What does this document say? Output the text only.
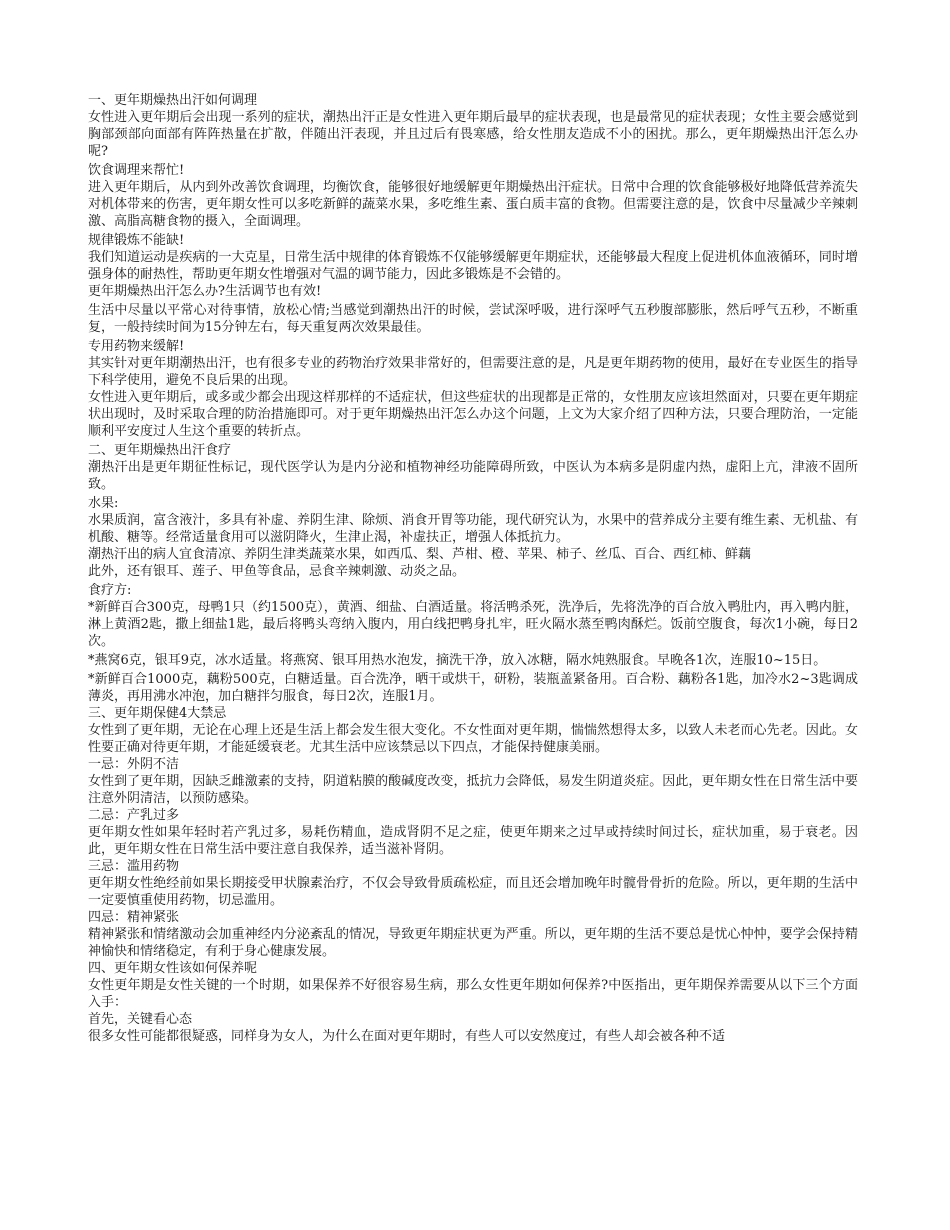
一、更年期燥热出汗如何调理

女性进入更年期后会出现一系列的症状，潮热出汗正是女性进入更年期后最早的症状表现，也是最常见的症状表现；女性主要会感觉到胸部颈部向面部有阵阵热量在扩散，伴随出汗表现，并且过后有畏寒感，给女性朋友造成不小的困扰。那么，更年期燥热出汗怎么办呢?

饮食调理来帮忙!

进入更年期后，从内到外改善饮食调理，均衡饮食，能够很好地缓解更年期燥热出汗症状。日常中合理的饮食能够极好地降低营养流失对机体带来的伤害，更年期女性可以多吃新鲜的蔬菜水果，多吃维生素、蛋白质丰富的食物。但需要注意的是，饮食中尽量减少辛辣刺激、高脂高糖食物的摄入，全面调理。

规律锻炼不能缺!

我们知道运动是疾病的一大克星，日常生活中规律的体育锻炼不仅能够缓解更年期症状，还能够最大程度上促进机体血液循环，同时增强身体的耐热性，帮助更年期女性增强对气温的调节能力，因此多锻炼是不会错的。

更年期燥热出汗怎么办?生活调节也有效!

生活中尽量以平常心对待事情，放松心情;当感觉到潮热出汗的时候，尝试深呼吸，进行深呼气五秒腹部膨胀，然后呼气五秒，不断重复，一般持续时间为15分钟左右，每天重复两次效果最佳。

专用药物来缓解!

其实针对更年期潮热出汗，也有很多专业的药物治疗效果非常好的，但需要注意的是，凡是更年期药物的使用，最好在专业医生的指导下科学使用，避免不良后果的出现。

女性进入更年期后，或多或少都会出现这样那样的不适症状，但这些症状的出现都是正常的，女性朋友应该坦然面对，只要在更年期症状出现时，及时采取合理的防治措施即可。对于更年期燥热出汗怎么办这个问题，上文为大家介绍了四种方法，只要合理防治，一定能顺利平安度过人生这个重要的转折点。

二、更年期燥热出汗食疗

潮热汗出是更年期征性标记，现代医学认为是内分泌和植物神经功能障碍所致，中医认为本病多是阴虚内热，虚阳上亢，津液不固所致。

水果:

水果质润，富含液汁，多具有补虚、养阴生津、除烦、消食开胃等功能，现代研究认为，水果中的营养成分主要有维生素、无机盐、有机酸、糖等。经常适量食用可以滋阴降火，生津止渴，补虚扶正，增强人体抵抗力。

潮热汗出的病人宜食清凉、养阴生津类蔬菜水果，如西瓜、梨、芦柑、橙、苹果、柿子、丝瓜、百合、西红柿、鲜藕

此外，还有银耳、莲子、甲鱼等食品，忌食辛辣刺激、动炎之品。

食疗方:

*新鲜百合300克，母鸭1只（约1500克），黄酒、细盐、白酒适量。将活鸭杀死，洗净后，先将洗净的百合放入鸭肚内，再入鸭内脏，淋上黄酒2匙，撒上细盐1匙，最后将鸭头弯纳入腹内，用白线把鸭身扎牢，旺火隔水蒸至鸭肉酥烂。饭前空腹食，每次1小碗，每日2次。

*燕窝6克，银耳9克，冰水适量。将燕窝、银耳用热水泡发，摘洗干净，放入冰糖，隔水炖熟服食。早晚各1次，连服10~15日。

*新鲜百合1000克，藕粉500克，白糖适量。百合洗净，晒干或烘干，研粉，装瓶盖紧备用。百合粉、藕粉各1匙，加冷水2~3匙调成薄炎，再用沸水冲泡，加白糖拌匀服食，每日2次，连服1月。

三、更年期保健4大禁忌

女性到了更年期，无论在心理上还是生活上都会发生很大变化。不女性面对更年期，惴惴然想得太多，以致人未老而心先老。因此。女性要正确对待更年期，才能延缓衰老。尤其生活中应该禁忌以下四点，才能保持健康美丽。

一忌：外阴不洁

女性到了更年期，因缺乏雌激素的支持，阴道粘膜的酸碱度改变，抵抗力会降低，易发生阴道炎症。因此，更年期女性在日常生活中要注意外阴清洁，以预防感染。

二忌：产乳过多

更年期女性如果年轻时若产乳过多，易耗伤精血，造成肾阴不足之症，使更年期来之过早或持续时间过长，症状加重，易于衰老。因此，更年期女性在日常生活中要注意自我保养，适当滋补肾阴。

三忌：滥用药物

更年期女性绝经前如果长期接受甲状腺素治疗，不仅会导致骨质疏松症，而且还会增加晚年时髋骨骨折的危险。所以，更年期的生活中一定要慎重使用药物，切忌滥用。

四忌：精神紧张

精神紧张和情绪激动会加重神经内分泌紊乱的情况，导致更年期症状更为严重。所以，更年期的生活不要总是忧心忡忡，要学会保持精神愉快和情绪稳定，有利于身心健康发展。

四、更年期女性该如何保养呢

女性更年期是女性关键的一个时期，如果保养不好很容易生病，那么女性更年期如何保养?中医指出，更年期保养需要从以下三个方面入手：

首先，关键看心态

很多女性可能都很疑惑，同样身为女人，为什么在面对更年期时，有些人可以安然度过，有些人却会被各种不适
